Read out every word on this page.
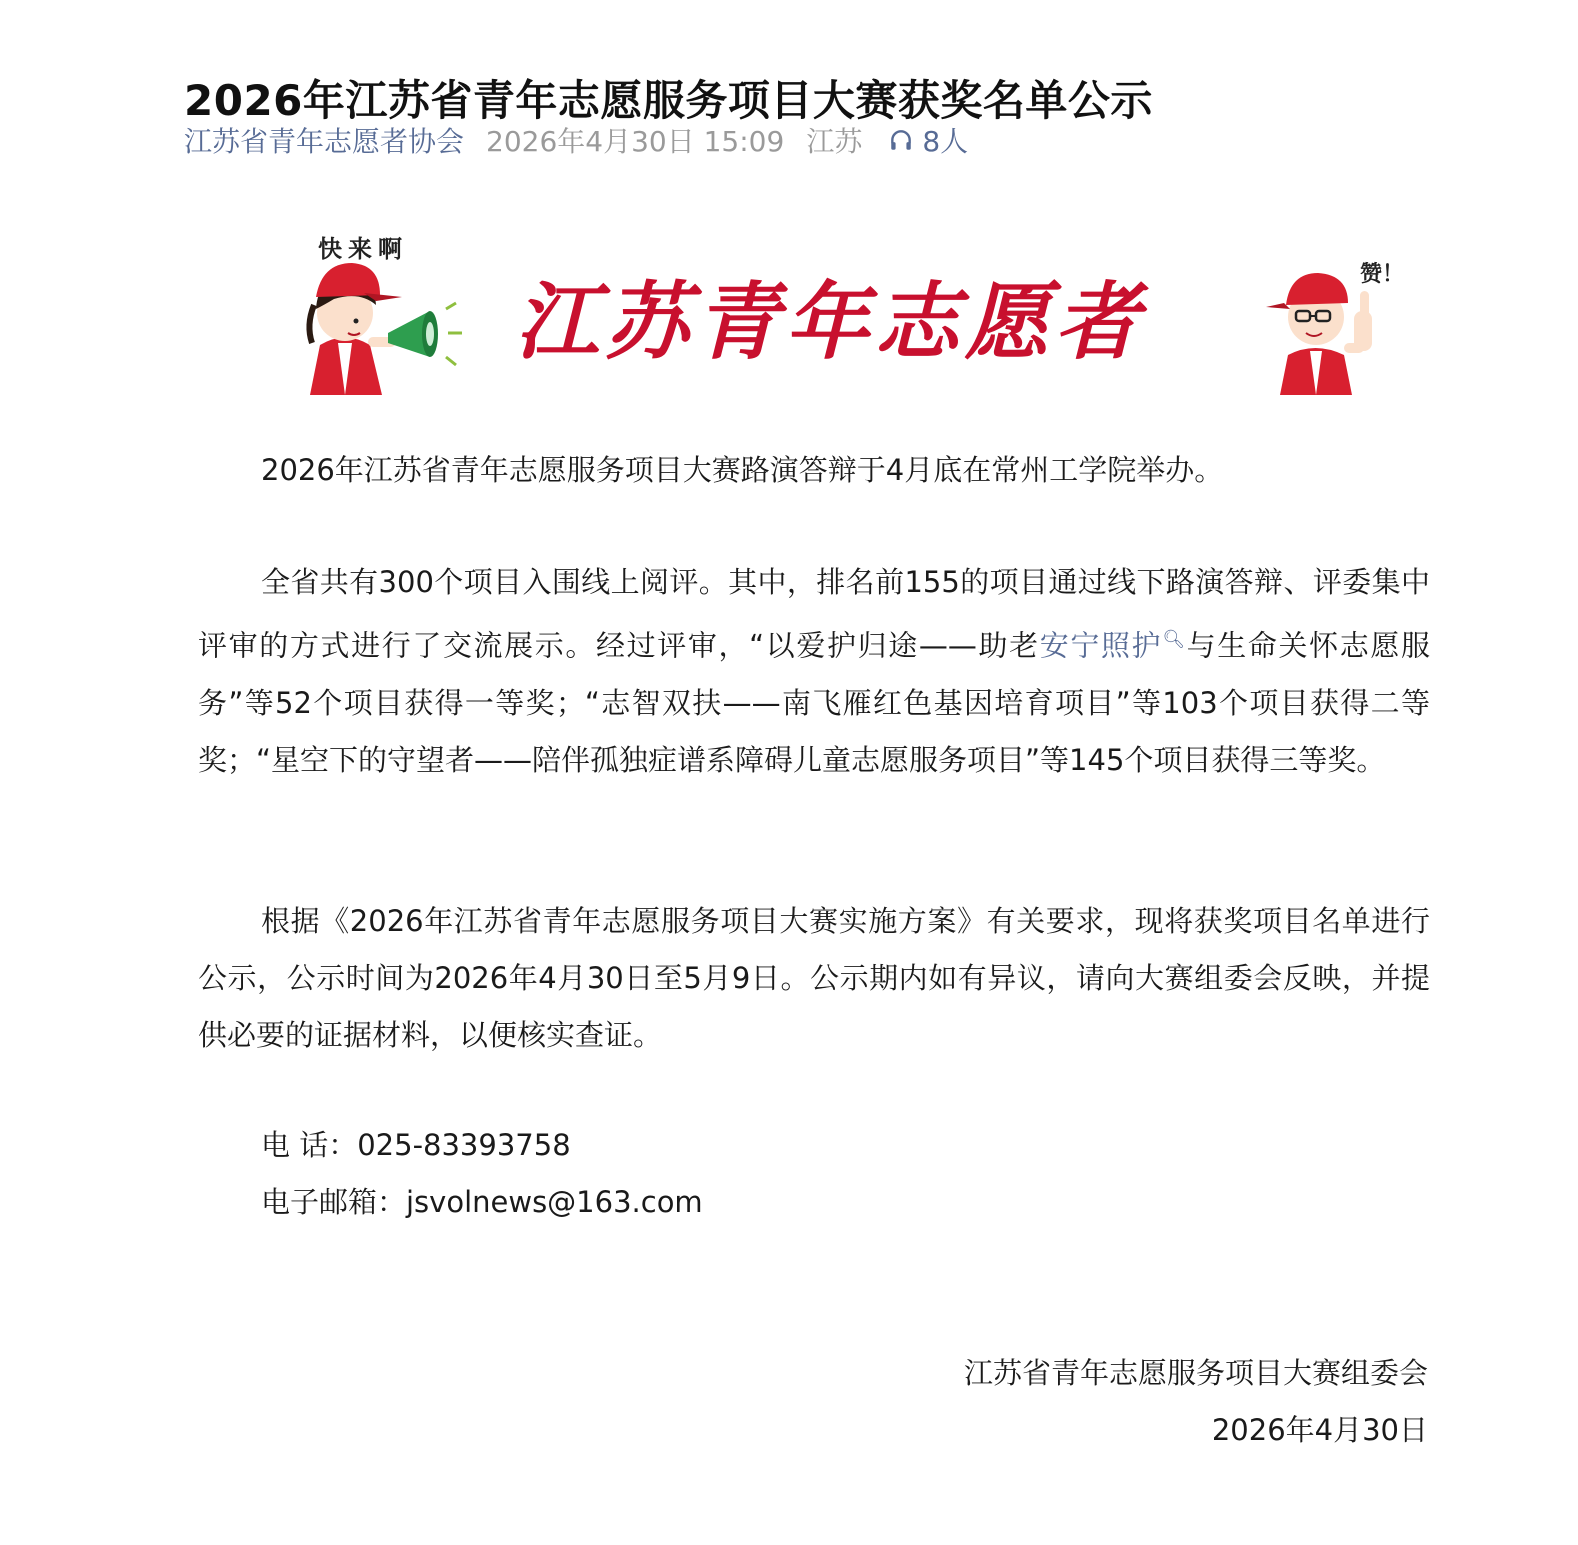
2026年江苏省青年志愿服务项目大赛获奖名单公示
江苏省青年志愿者协会 2026年4月30日 15:09 江苏 8人
快来啊
江苏青年志愿者	赞！

2026年江苏省青年志愿服务项目大赛路演答辩于4月底在常州工学院举办。

全省共有300个项目入围线上阅评。其中，排名前155的项目通过线下路演答辩、评委集中评审的方式进行了交流展示。经过评审，“以爱护归途——助老安宁照护🔍︎与生命关怀志愿服务”等52个项目获得一等奖；“志智双扶——南飞雁红色基因培育项目”等103个项目获得二等奖；“星空下的守望者——陪伴孤独症谱系障碍儿童志愿服务项目”等145个项目获得三等奖。

根据《2026年江苏省青年志愿服务项目大赛实施方案》有关要求，现将获奖项目名单进行公示，公示时间为2026年4月30日至5月9日。公示期内如有异议，请向大赛组委会反映，并提供必要的证据材料，以便核实查证。

电 话：025-83393758
电子邮箱：jsvolnews@163.com
江苏省青年志愿服务项目大赛组委会
2026年4月30日
